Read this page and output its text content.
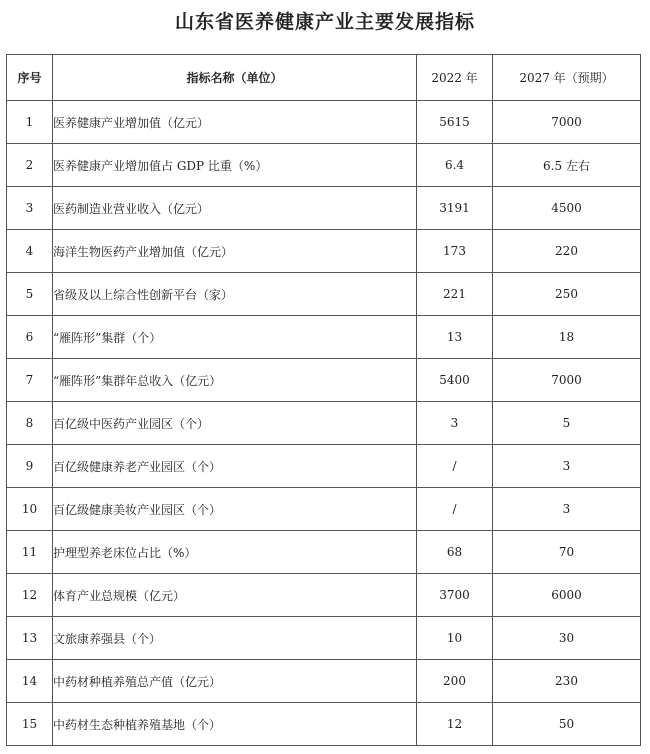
山东省医养健康产业主要发展指标
序号	指标名称（单位）	2022 年	2027 年（预期）
1	医养健康产业增加值（亿元）	5615	7000
2	医养健康产业增加值占 GDP 比重（%）	6.4	6.5 左右
3	医药制造业营业收入（亿元）	3191	4500
4	海洋生物医药产业增加值（亿元）	173	220
5	省级及以上综合性创新平台（家）	221	250
6	“雁阵形”集群（个）	13	18
7	“雁阵形”集群年总收入（亿元）	5400	7000
8	百亿级中医药产业园区（个）	3	5
9	百亿级健康养老产业园区（个）	/	3
10	百亿级健康美妆产业园区（个）	/	3
11	护理型养老床位占比（%）	68	70
12	体育产业总规模（亿元）	3700	6000
13	文旅康养强县（个）	10	30
14	中药材种植养殖总产值（亿元）	200	230
15	中药材生态种植养殖基地（个）	12	50
